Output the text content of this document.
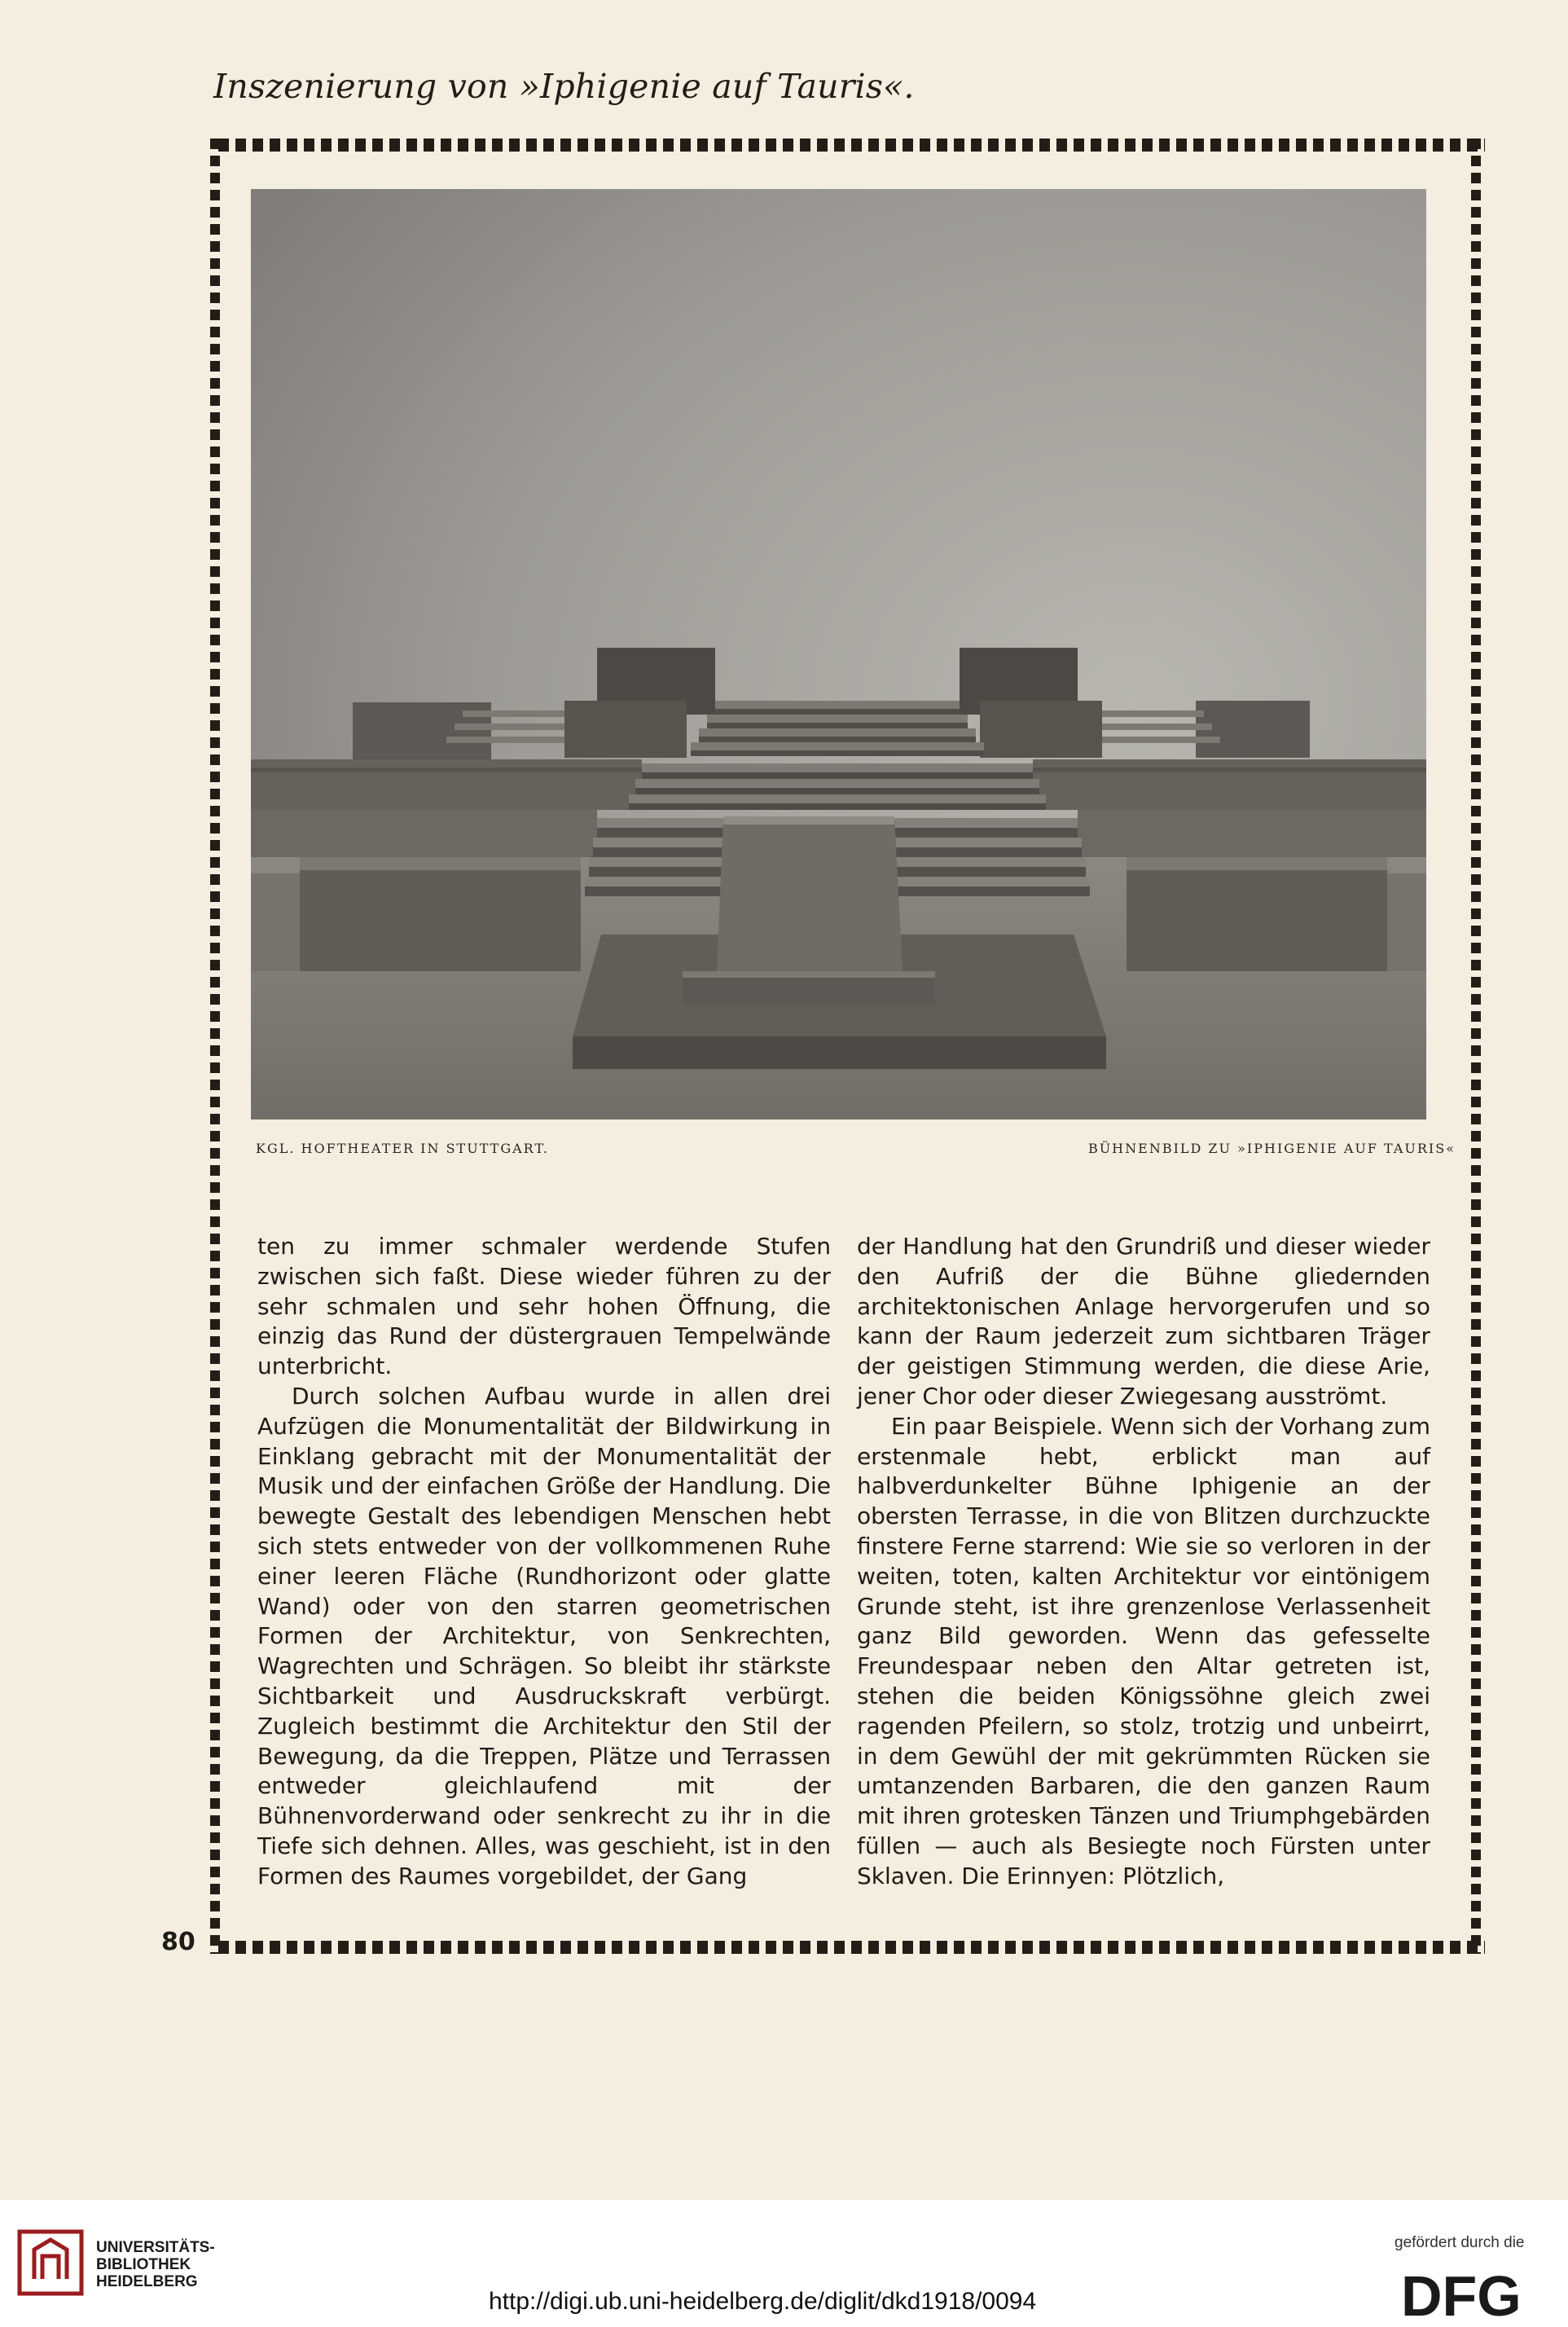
Inszenierung von »Iphigenie auf Tauris«.
KGL. HOFTHEATER IN STUTTGART.	BÜHNENBILD ZU »IPHIGENIE AUF TAURIS«

ten zu immer schmaler werdende Stufen zwischen sich faßt. Diese wieder führen zu der sehr schmalen und sehr hohen Öffnung, die einzig das Rund der düstergrauen Tempelwände unterbricht.

Durch solchen Aufbau wurde in allen drei Aufzügen die Monumentalität der Bildwirkung in Einklang gebracht mit der Monumentalität der Musik und der einfachen Größe der Handlung. Die bewegte Gestalt des lebendigen Menschen hebt sich stets entweder von der vollkommenen Ruhe einer leeren Fläche (Rundhorizont oder glatte Wand) oder von den starren geometrischen Formen der Architektur, von Senkrechten, Wagrechten und Schrägen. So bleibt ihr stärkste Sichtbarkeit und Ausdruckskraft verbürgt. Zugleich bestimmt die Architektur den Stil der Bewegung, da die Treppen, Plätze und Terrassen entweder gleichlaufend mit der Bühnenvorderwand oder senkrecht zu ihr in die Tiefe sich dehnen. Alles, was geschieht, ist in den Formen des Raumes vorgebildet, der Gang

der Handlung hat den Grundriß und dieser wieder den Aufriß der die Bühne gliedernden architektonischen Anlage hervorgerufen und so kann der Raum jederzeit zum sichtbaren Träger der geistigen Stimmung werden, die diese Arie, jener Chor oder dieser Zwiegesang ausströmt.

Ein paar Beispiele. Wenn sich der Vorhang zum erstenmale hebt, erblickt man auf halbverdunkelter Bühne Iphigenie an der obersten Terrasse, in die von Blitzen durchzuckte finstere Ferne starrend: Wie sie so verloren in der weiten, toten, kalten Architektur vor eintönigem Grunde steht, ist ihre grenzenlose Verlassenheit ganz Bild geworden. Wenn das gefesselte Freundespaar neben den Altar getreten ist, stehen die beiden Königssöhne gleich zwei ragenden Pfeilern, so stolz, trotzig und unbeirrt, in dem Gewühl der mit gekrümmten Rücken sie umtanzenden Barbaren, die den ganzen Raum mit ihren grotesken Tänzen und Triumphgebärden füllen — auch als Besiegte noch Fürsten unter Sklaven. Die Erinnyen: Plötzlich,

80
UNIVERSITÄTS-
BIBLIOTHEK
HEIDELBERG
http://digi.ub.uni-heidelberg.de/diglit/dkd1918/0094
gefördert durch die
DFG
